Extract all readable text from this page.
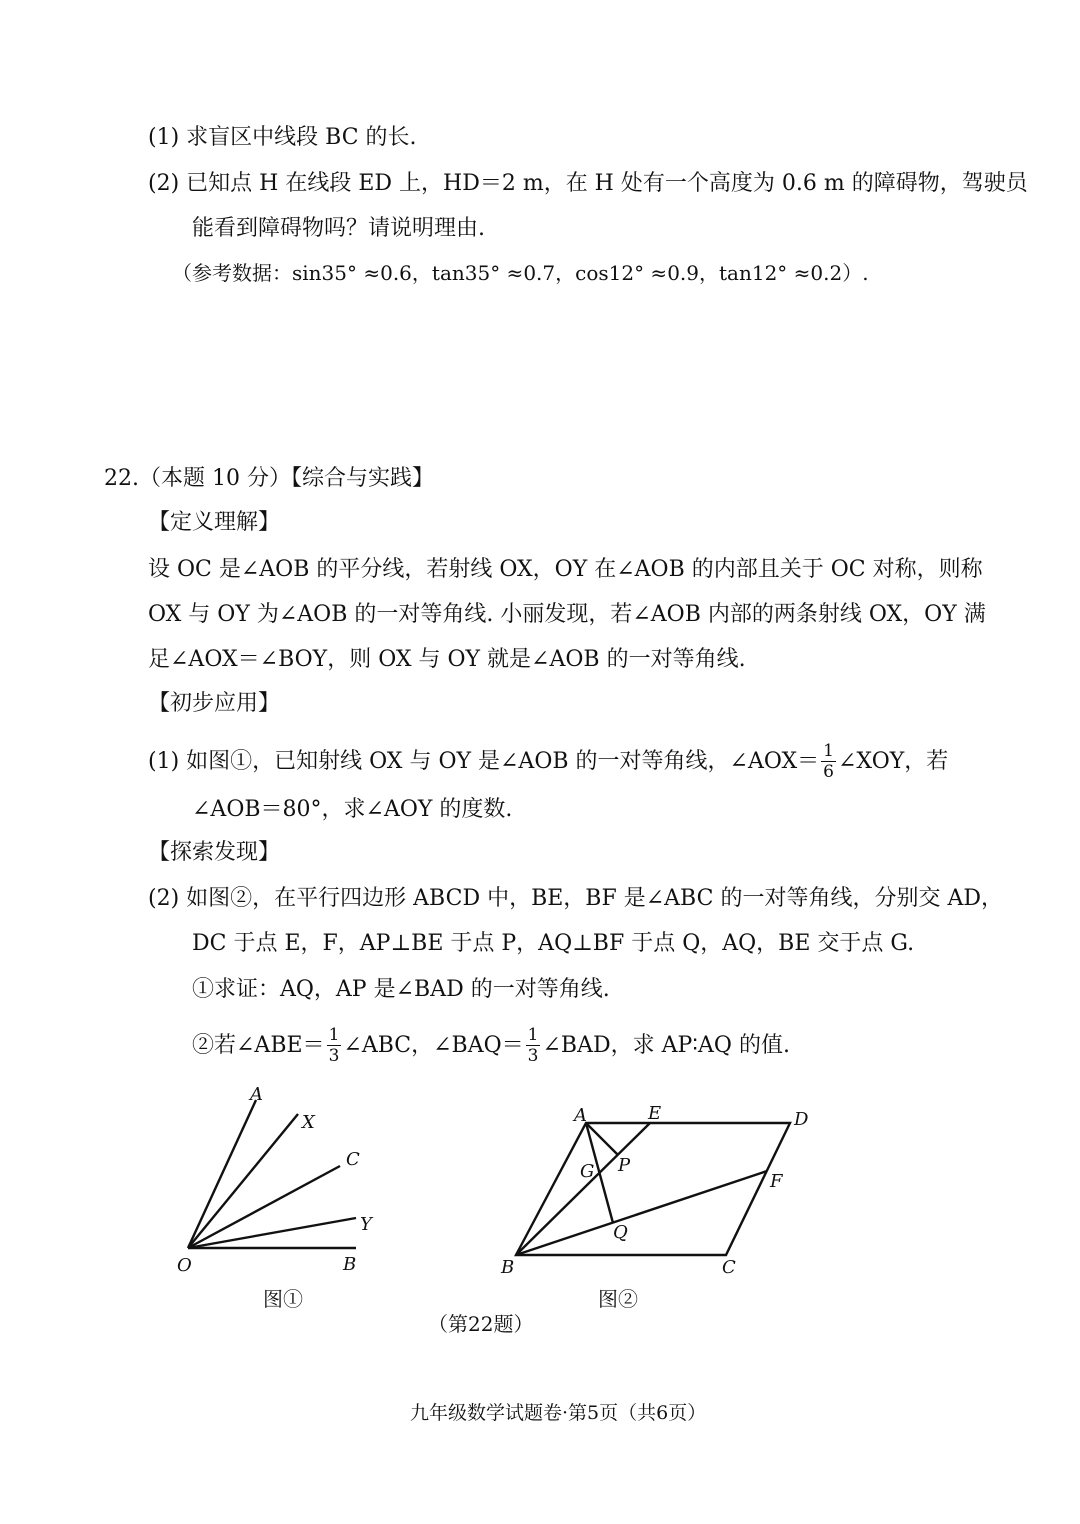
(1) 求盲区中线段 BC 的长.
(2) 已知点 H 在线段 ED 上，HD＝2 m，在 H 处有一个高度为 0.6 m 的障碍物，驾驶员
能看到障碍物吗？请说明理由.
（参考数据：sin35° ≈0.6，tan35° ≈0.7，cos12° ≈0.9，tan12° ≈0.2）.
22.（本题 10 分）【综合与实践】
【定义理解】
设 OC 是∠AOB 的平分线，若射线 OX，OY 在∠AOB 的内部且关于 OC 对称，则称
OX 与 OY 为∠AOB 的一对等角线. 小丽发现，若∠AOB 内部的两条射线 OX，OY 满
足∠AOX＝∠BOY，则 OX 与 OY 就是∠AOB 的一对等角线.
【初步应用】
(1) 如图①，已知射线 OX 与 OY 是∠AOB 的一对等角线，∠AOX＝ $\frac{1}{6}$ ∠XOY，若
∠AOB＝80°，求∠AOY 的度数.
【探索发现】
(2) 如图②，在平行四边形 ABCD 中，BE，BF 是∠ABC 的一对等角线，分别交 AD，
DC 于点 E，F，AP⊥BE 于点 P，AQ⊥BF 于点 Q，AQ，BE 交于点 G.
①求证：AQ，AP 是∠BAD 的一对等角线.
②若∠ABE＝ $\frac{1}{3}$ ∠ABC，∠BAQ＝ $\frac{1}{3}$ ∠BAD，求 AP∶AQ 的值.
A
X
C
Y
O	B
图①
A	E	D
G P
F
Q
B	C
图②
（第22题）
九年级数学试题卷·第5页（共6页）
